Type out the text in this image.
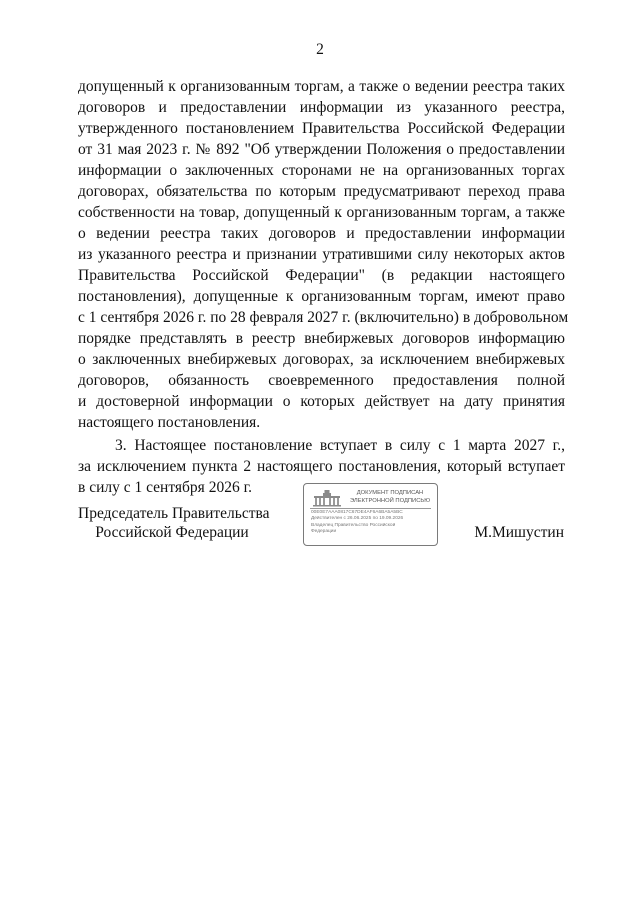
2
допущенный к организованным торгам, а также о ведении реестра таких
договоров и предоставлении информации из указанного реестра,
утвержденного постановлением Правительства Российской Федерации
от 31 мая 2023 г. № 892 "Об утверждении Положения о предоставлении
информации о заключенных сторонами не на организованных торгах
договорах, обязательства по которым предусматривают переход права
собственности на товар, допущенный к организованным торгам, а также
о ведении реестра таких договоров и предоставлении информации
из указанного реестра и признании утратившими силу некоторых актов
Правительства Российской Федерации" (в редакции настоящего
постановления), допущенные к организованным торгам, имеют право
с 1 сентября 2026 г. по 28 февраля 2027 г. (включительно) в добровольном
порядке представлять в реестр внебиржевых договоров информацию
о заключенных внебиржевых договорах, за исключением внебиржевых
договоров, обязанность своевременного предоставления полной
и достоверной информации о которых действует на дату принятия
настоящего постановления.
3. Настоящее постановление вступает в силу с 1 марта 2027 г.,
за исключением пункта 2 настоящего постановления, который вступает
в силу с 1 сентября 2026 г.
Председатель Правительства
Российской Федерации
ДОКУМЕНТ ПОДПИСАН
ЭЛЕКТРОННОЙ ПОДПИСЬЮ
00E0E7AAA0817C67DE4AF6A6BA5A5BC
Действителен с 26.06.2025 по 19.09.2026
Владелец Правительство Российской
Федерации	М.Мишустин
